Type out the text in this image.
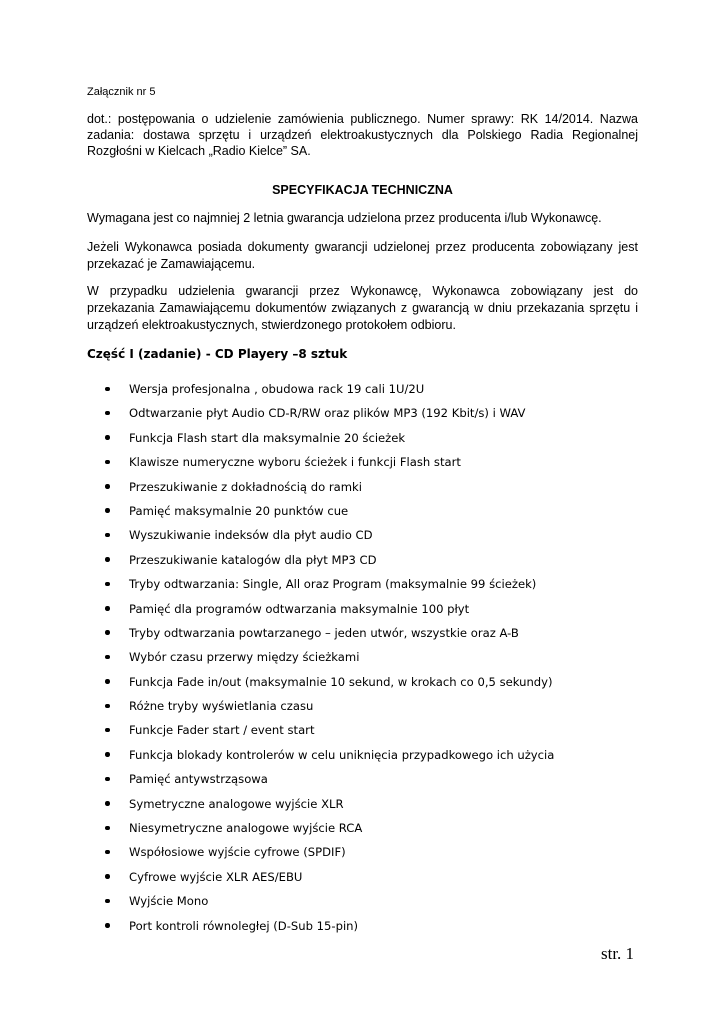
Załącznik nr 5
dot.: postępowania o udzielenie zamówienia publicznego. Numer sprawy: RK 14/2014. Nazwa zadania: dostawa sprzętu i urządzeń elektroakustycznych dla Polskiego Radia Regionalnej Rozgłośni w Kielcach „Radio Kielce” SA.
SPECYFIKACJA TECHNICZNA
Wymagana jest co najmniej 2 letnia gwarancja udzielona przez producenta i/lub Wykonawcę.
Jeżeli Wykonawca posiada dokumenty gwarancji udzielonej przez producenta zobowiązany jest przekazać je Zamawiającemu.
W przypadku udzielenia gwarancji przez Wykonawcę, Wykonawca zobowiązany jest do przekazania Zamawiającemu dokumentów związanych z gwarancją w dniu przekazania sprzętu i urządzeń elektroakustycznych, stwierdzonego protokołem odbioru.
Część I (zadanie) - CD Playery –8 sztuk
Wersja profesjonalna , obudowa rack 19 cali 1U/2U
Odtwarzanie płyt Audio CD-R/RW oraz plików MP3 (192 Kbit/s) i WAV
Funkcja Flash start dla maksymalnie 20 ścieżek
Klawisze numeryczne wyboru ścieżek i funkcji Flash start
Przeszukiwanie z dokładnością do ramki
Pamięć maksymalnie 20 punktów cue
Wyszukiwanie indeksów dla płyt audio CD
Przeszukiwanie katalogów dla płyt MP3 CD
Tryby odtwarzania: Single, All oraz Program (maksymalnie 99 ścieżek)
Pamięć dla programów odtwarzania maksymalnie 100 płyt
Tryby odtwarzania powtarzanego – jeden utwór, wszystkie oraz A-B
Wybór czasu przerwy między ścieżkami
Funkcja Fade in/out (maksymalnie 10 sekund, w krokach co 0,5 sekundy)
Różne tryby wyświetlania czasu
Funkcje Fader start / event start
Funkcja blokady kontrolerów w celu uniknięcia przypadkowego ich użycia
Pamięć antywstrząsowa
Symetryczne analogowe wyjście XLR
Niesymetryczne analogowe wyjście RCA
Współosiowe wyjście cyfrowe (SPDIF)
Cyfrowe wyjście XLR AES/EBU
Wyjście Mono
Port kontroli równoległej (D-Sub 15-pin)
str. 1
